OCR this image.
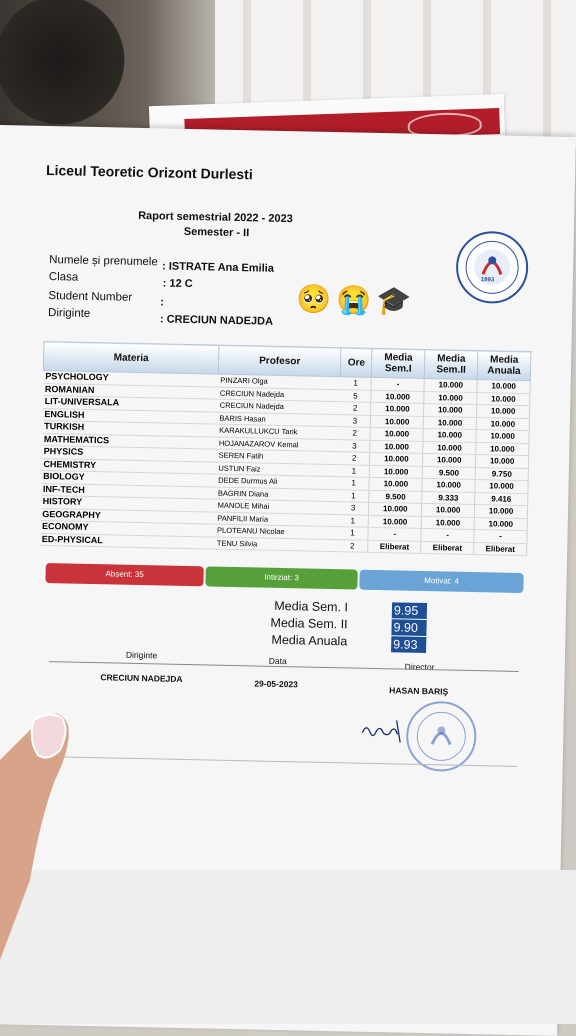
Liceul Teoretic Orizont Durlesti
Raport semestrial 2022 - 2023
Semester - II
1993
Numele și prenumele : ISTRATE Ana Emilia
Clasa
: 12 C
Student Number	:
Diriginte	: CRECIUN NADEJDA
🥺 😭 🎓
Materia	Profesor	Ore	Media Sem.I	Media Sem.II	Media Anuala
PSYCHOLOGY	PINZARI Olga	1	-	10.000	10.000
ROMANIAN	CRECIUN Nadejda	5	10.000	10.000	10.000
LIT-UNIVERSALA	CRECIUN Nadejda	2	10.000	10.000	10.000
ENGLISH	BARIS Hasan	3	10.000	10.000	10.000
TURKISH	KARAKULLUKCU Tarik	2	10.000	10.000	10.000
MATHEMATICS	HOJANAZAROV Kemal	3	10.000	10.000	10.000
PHYSICS	SEREN Fatih	2	10.000	10.000	10.000
CHEMISTRY	USTUN Faiz	1	10.000	9.500	9.750
BIOLOGY	DEDE Durmus Ali	1	10.000	10.000	10.000
INF-TECH	BAGRIN Diana	1	9.500	9.333	9.416
HISTORY	MANOLE Mihai	3	10.000	10.000	10.000
GEOGRAPHY	PANFILII Maria	1	10.000	10.000	10.000
ECONOMY	PLOTEANU Nicolae	1	-	-	-
ED-PHYSICAL	TENU Silvia	2	Eliberat	Eliberat	Eliberat
Absent: 35	Intirziat: 3	Motivat: 4
Media Sem. I	9.95
Media Sem. II	9.90
Media Anuala	9.93
Diriginte
Data
Director
CRECIUN NADEJDA	29-05-2023
HASAN BARIŞ
